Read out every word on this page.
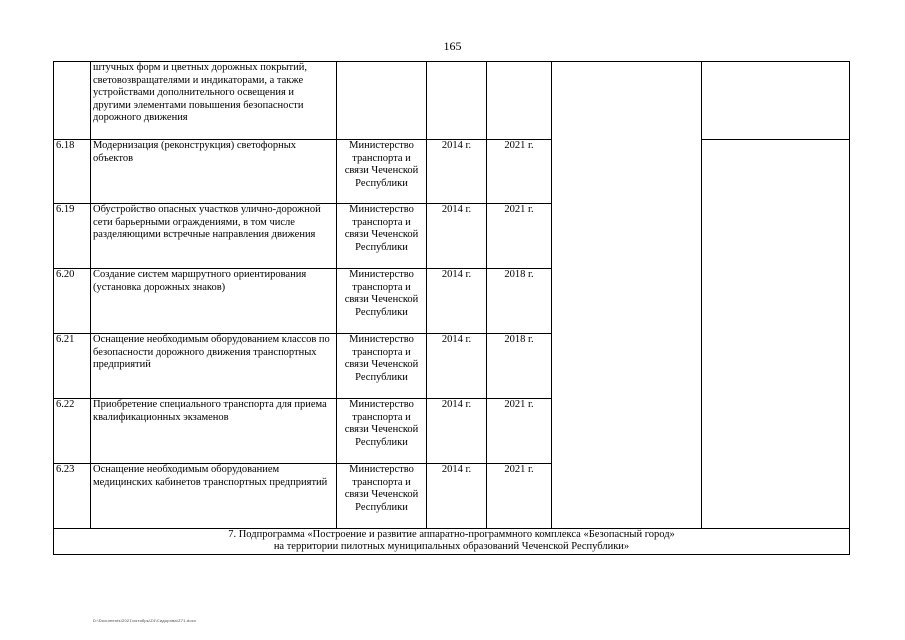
165
	штучных форм и цветных дорожных покрытий, световозвращателями и индикаторами, а также устройствами дополнительного освещения и другими элементами повышения безопасности дорожного движения					
6.18	Модернизация (реконструкция) светофорных объектов	Министерство транспорта и связи Чеченской Республики	2014 г.	2021 г.		
6.19	Обустройство опасных участков улично-дорожной сети барьерными ограждениями, в том числе разделяющими встречные направления движения	Министерство транспорта и связи Чеченской Республики	2014 г.	2021 г.		
6.20	Создание систем маршрутного ориентирования (установка дорожных знаков)	Министерство транспорта и связи Чеченской Республики	2014 г.	2018 г.		
6.21	Оснащение необходимым оборудованием классов по безопасности дорожного движения транспортных предприятий	Министерство транспорта и связи Чеченской Республики	2014 г.	2018 г.		
6.22	Приобретение специального транспорта для приема квалификационных экзаменов	Министерство транспорта и связи Чеченской Республики	2014 г.	2021 г.		
6.23	Оснащение необходимым оборудованием медицинских кабинетов транспортных предприятий	Министерство транспорта и связи Чеченской Республики	2014 г.	2021 г.		

7. Подпрограмма «Построение и развитие аппаратно-программного комплекса «Безопасный город»
на территории пилотных муниципальных образований Чеченской Республики»						
D:\Documents\2021\октябрь\Z4\Сидорова\Z71.docx
